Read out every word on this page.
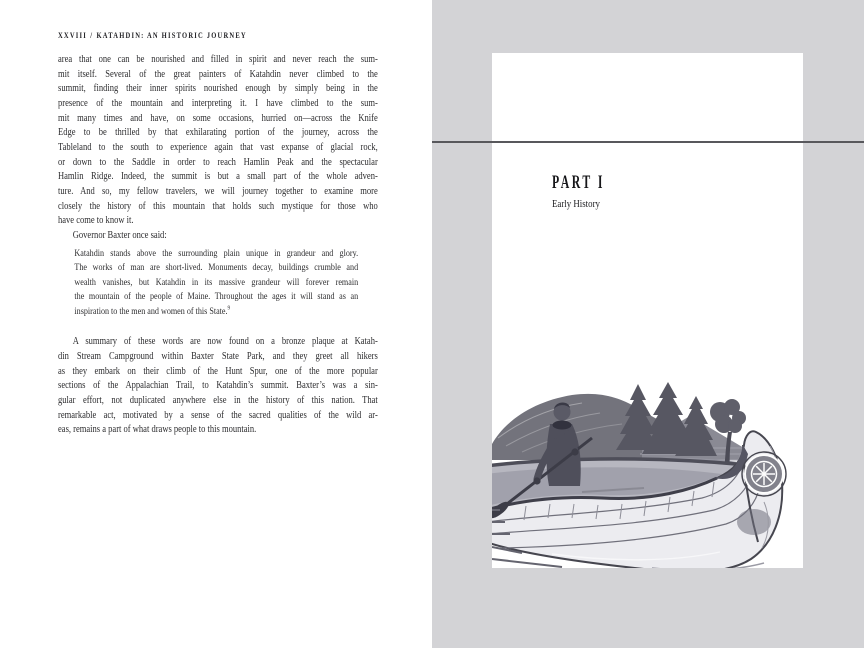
XXVIII / KATAHDIN: AN HISTORIC JOURNEY
area that one can be nourished and filled in spirit and never reach the sum-
mit itself. Several of the great painters of Katahdin never climbed to the
summit, finding their inner spirits nourished enough by simply being in the
presence of the mountain and interpreting it. I have climbed to the sum-
mit many times and have, on some occasions, hurried on—across the Knife
Edge to be thrilled by that exhilarating portion of the journey, across the
Tableland to the south to experience again that vast expanse of glacial rock,
or down to the Saddle in order to reach Hamlin Peak and the spectacular
Hamlin Ridge. Indeed, the summit is but a small part of the whole adven-
ture. And so, my fellow travelers, we will journey together to examine more
closely the history of this mountain that holds such mystique for those who
have come to know it.
Governor Baxter once said:
Katahdin stands above the surrounding plain unique in grandeur and glory.
The works of man are short-lived. Monuments decay, buildings crumble and
wealth vanishes, but Katahdin in its massive grandeur will forever remain
the mountain of the people of Maine. Throughout the ages it will stand as an
inspiration to the men and women of this State.$^9$
A summary of these words are now found on a bronze plaque at Katah-
din Stream Campground within Baxter State Park, and they greet all hikers
as they embark on their climb of the Hunt Spur, one of the more popular
sections of the Appalachian Trail, to Katahdin’s summit. Baxter’s was a sin-
gular effort, not duplicated anywhere else in the history of this nation. That
remarkable act, motivated by a sense of the sacred qualities of the wild ar-
eas, remains a part of what draws people to this mountain.
PART I

Early History
